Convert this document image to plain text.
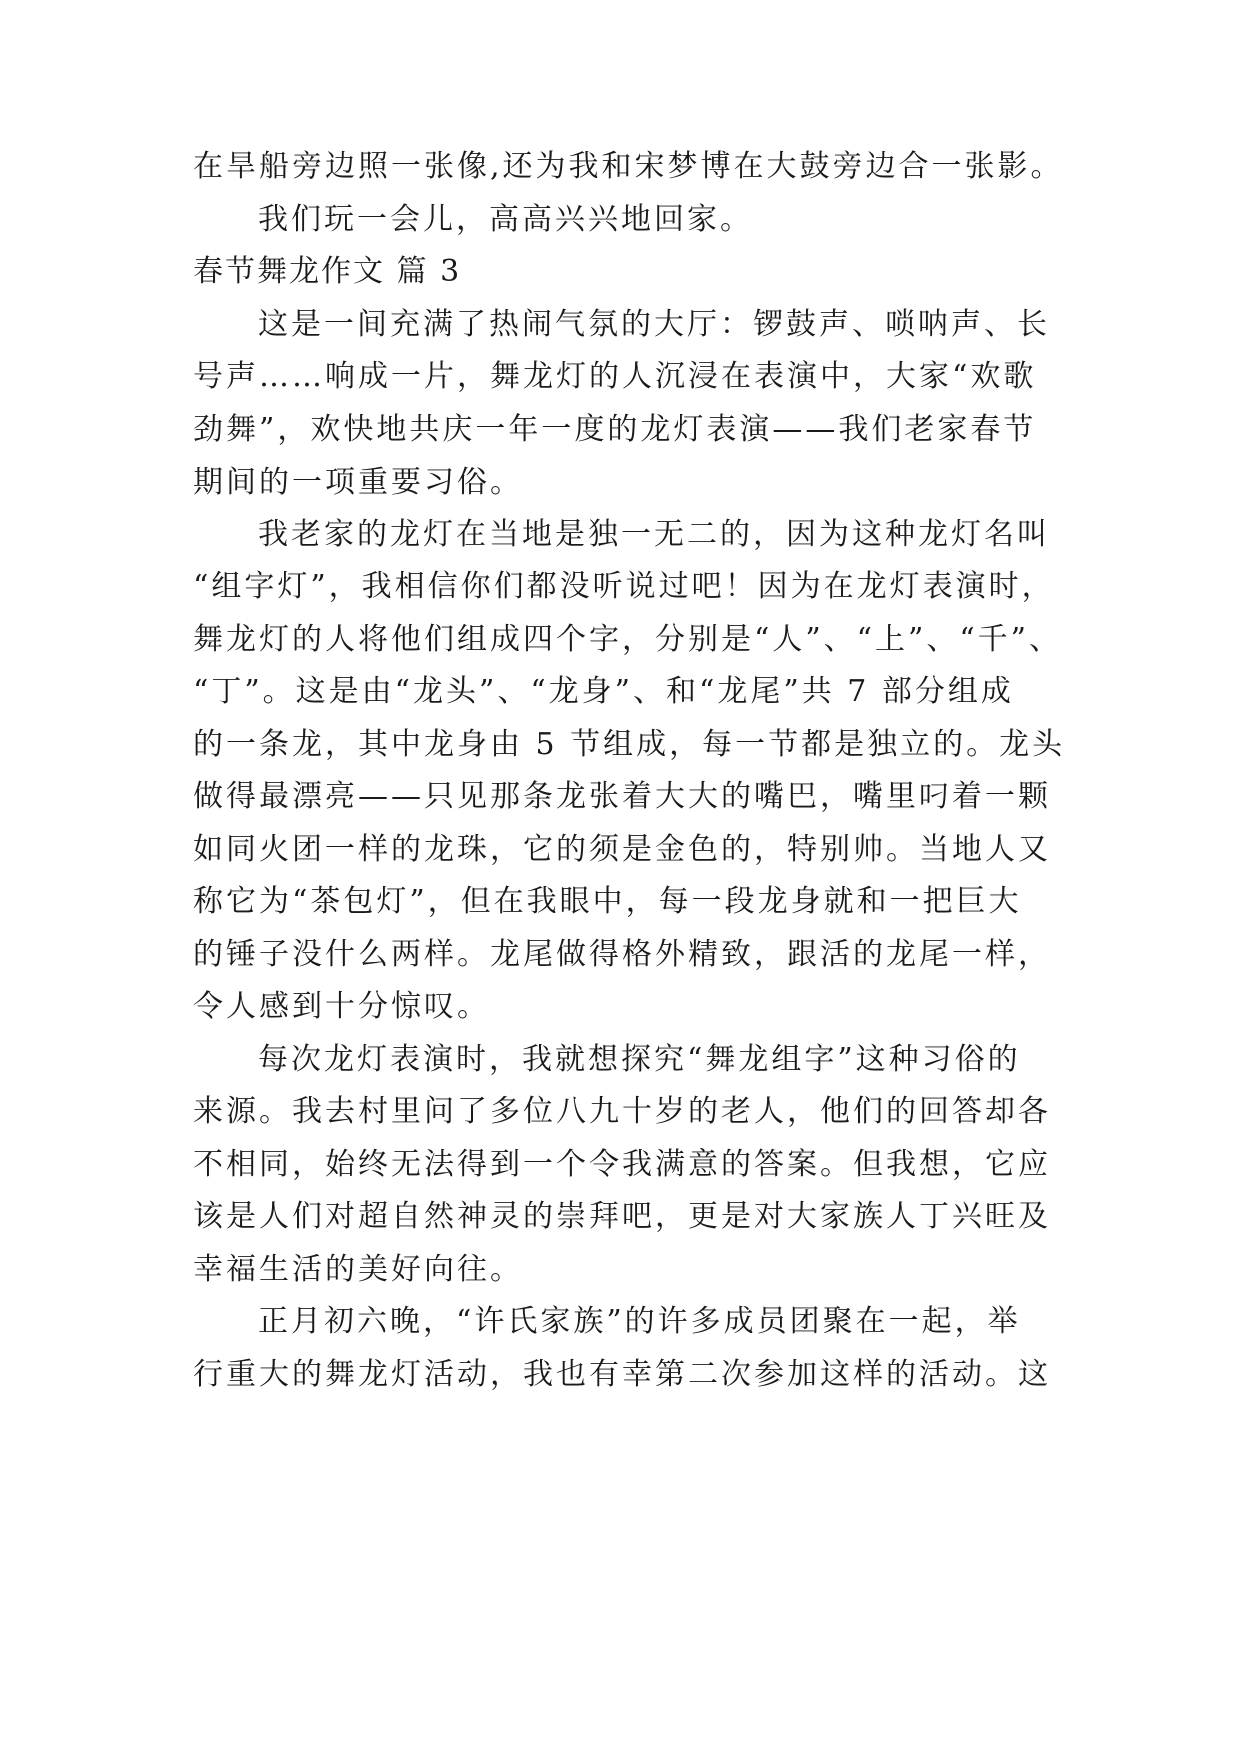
在旱船旁边照一张像,还为我和宋梦博在大鼓旁边合一张影。
我们玩一会儿，高高兴兴地回家。
春节舞龙作文 篇 3
这是一间充满了热闹气氛的大厅：锣鼓声、唢呐声、长
号声……响成一片，舞龙灯的人沉浸在表演中，大家“欢歌
劲舞”，欢快地共庆一年一度的龙灯表演——我们老家春节
期间的一项重要习俗。
我老家的龙灯在当地是独一无二的，因为这种龙灯名叫
“组字灯”，我相信你们都没听说过吧！因为在龙灯表演时，
舞龙灯的人将他们组成四个字，分别是“人”、“上”、“千”、
“丁”。这是由“龙头”、“龙身”、和“龙尾”共 7 部分组成
的一条龙，其中龙身由 5 节组成，每一节都是独立的。龙头
做得最漂亮——只见那条龙张着大大的嘴巴，嘴里叼着一颗
如同火团一样的龙珠，它的须是金色的，特别帅。当地人又
称它为“茶包灯”，但在我眼中，每一段龙身就和一把巨大
的锤子没什么两样。龙尾做得格外精致，跟活的龙尾一样，
令人感到十分惊叹。
每次龙灯表演时，我就想探究“舞龙组字”这种习俗的
来源。我去村里问了多位八九十岁的老人，他们的回答却各
不相同，始终无法得到一个令我满意的答案。但我想，它应
该是人们对超自然神灵的崇拜吧，更是对大家族人丁兴旺及
幸福生活的美好向往。
正月初六晚，“许氏家族”的许多成员团聚在一起，举
行重大的舞龙灯活动，我也有幸第二次参加这样的活动。这
